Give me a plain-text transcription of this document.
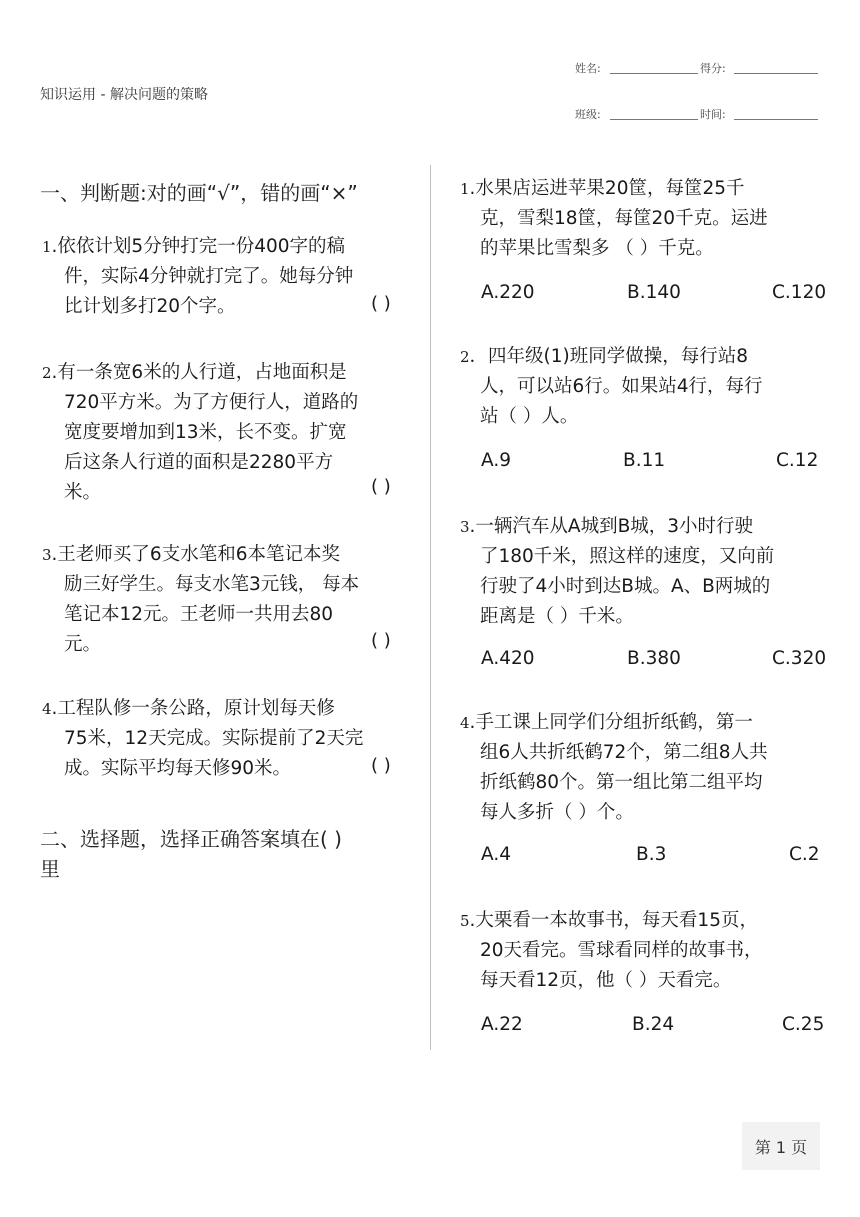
知识运用 - 解决问题的策略
姓名:	得分:
班级:	时间:
一、判断题:对的画“√”，错的画“×”
1.依依计划5分钟打完一份400字的稿
件，实际4分钟就打完了。她每分钟
比计划多打20个字。	( )
2.有一条宽6米的人行道，占地面积是
720平方米。为了方便行人，道路的
宽度要增加到13米，长不变。扩宽
后这条人行道的面积是2280平方
米。	( )
3.王老师买了6支水笔和6本笔记本奖
励三好学生。每支水笔3元钱， 每本
笔记本12元。王老师一共用去80
元。	( )
4.工程队修一条公路，原计划每天修
75米，12天完成。实际提前了2天完
成。实际平均每天修90米。	( )
二、选择题，选择正确答案填在( )
里
1.水果店运进苹果20筐，每筐25千
克，雪梨18筐，每筐20千克。运进
的苹果比雪梨多 （ ）千克。
A.220	B.140	C.120
2．四年级(1)班同学做操，每行站8
人，可以站6行。如果站4行，每行
站（ ）人。
A.9	B.11	C.12
3.一辆汽车从A城到B城，3小时行驶
了180千米，照这样的速度，又向前
行驶了4小时到达B城。A、B两城的
距离是（ ）千米。
A.420	B.380	C.320
4.手工课上同学们分组折纸鹤，第一
组6人共折纸鹤72个，第二组8人共
折纸鹤80个。第一组比第二组平均
每人多折（ ）个。
A.4	B.3	C.2
5.大栗看一本故事书，每天看15页，
20天看完。雪球看同样的故事书，
每天看12页，他（ ）天看完。
A.22	B.24	C.25
第 1 页
